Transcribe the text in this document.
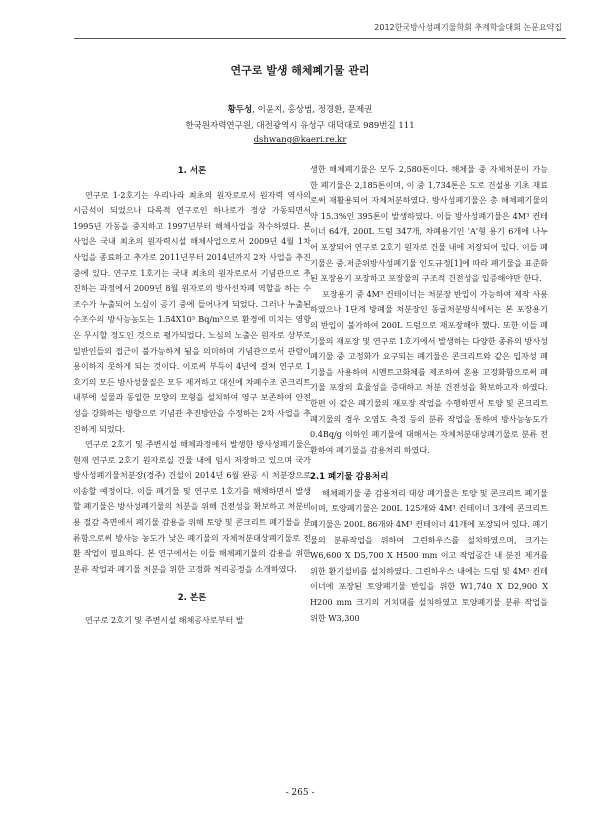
2012한국방사성폐기물학회 추계학술대회 논문요약집
연구로 발생 해체폐기물 관리
황두성, 이윤지, 홍상범, 정경환, 문제권
한국원자력연구원, 대전광역시 유성구 대덕대로 989번길 111
dshwang@kaeri.re.kr
1. 서론

연구로 1·2호기는 우리나라 최초의 원자로로서 원자력 역사의 시금석이 되었으나 다목적 연구로인 하나로가 정상 가동되면서 1995년 가동을 중지하고 1997년부터 해체사업을 착수하였다. 본 사업은 국내 최초의 원자력시설 해체사업으로서 2009년 4월 1차 사업을 종료하고 추가로 2011년부터 2014년까지 2차 사업을 추진 중에 있다. 연구로 1호기는 국내 최초의 원자로로서 기념관으로 추진하는 과정에서 2009년 8월 원자로의 방사선차폐 역할을 하는 수조수가 누출되어 노심이 공기 중에 들어나게 되었다. 그러나 누출된 수조수의 방사능농도는 1.54X10³ Bq/m³으로 환경에 미치는 영향은 무시할 정도인 것으로 평가되었다. 노심의 노출은 원자로 상부로 일반인들의 접근이 불가능하게 됨을 의미하며 기념관으로서 관람이 용이하지 못하게 되는 것이다. 이로써 부득이 4년에 걸쳐 연구로 1호기의 모든 방사성물질은 모두 제거하고 대신에 차폐수조 콘크리트 내부에 실물과 동일한 모양의 모형을 설치하여 영구 보존하여 안전성을 강화하는 방향으로 기념관 추진방안을 수정하는 2차 사업을 추진하게 되었다.

연구로 2호기 및 주변시설 해체과정에서 발생한 방사성폐기물은 현재 연구로 2호기 원자로실 건물 내에 임시 저장하고 있으며 국가 방사성폐기물처분장(경주) 건설이 2014년 6월 완공 시 처분장으로 이송할 예정이다. 이들 폐기물 및 연구로 1호기를 해체하면서 발생할 폐기물은 방사성폐기물의 처분을 위해 건전성을 확보하고 처분비용 절감 측면에서 폐기물 감용을 위해 토양 및 콘크리트 폐기물을 분류함으로써 방사능 농도가 낮은 폐기물의 자체처분대상폐기물로 전환 작업이 필요하다. 본 연구에서는 이들 해체폐기물의 감용을 위한 분류 작업과 폐기물 처분을 위한 고정화 처리공정을 소개하였다.

2. 본론

연구로 2호기 및 주변시설 해체공사로부터 발

생한 해체폐기물은 모두 2,580톤이다. 해체물 중 자체처분이 가능한 폐기물은 2,185톤이며, 이 중 1,734톤은 도로 건설용 기초 재료로써 재활용되어 자체처분하였다. 방사성폐기물은 총 해체폐기물의 약 15.3%인 395톤이 발생하였다. 이들 방사성폐기물은 4M³ 컨테이너 64개, 200L 드럼 347개, 차폐용기인 'A'형 용기 6개에 나누어 포장되어 연구로 2호기 원자로 건물 내에 저장되어 있다. 이들 폐기물은 중.저준위방사성폐기물 인도규정[1]에 따라 폐기물을 표준화된 포장용기 포장하고 포장물의 구조적 건전성을 입증해야만 한다.

포장용기 중 4M³ 컨테이너는 처분장 반입이 가능하여 제작 사용하였으나 1단계 방폐물 처분장인 동굴처분방식에서는 본 포장용기의 반입이 불가하여 200L 드럼으로 재포장해야 했다. 또한 이들 폐기물의 재포장 및 연구로 1호기에서 발생하는 다양한 종류의 방사성폐기물 중 고정화가 요구되는 폐기물은 콘크리트와 같은 입자성 폐기물을 사용하여 시멘트고화체를 제조하여 혼용 고정화함으로써 폐기물 포장의 효율성을 증대하고 처분 건전성을 확보하고자 하였다. 한편 이 같은 폐기물의 재포장 작업을 수행하면서 토양 및 콘크리트 폐기물의 경우 오염도 측정 등의 분류 작업을 통하여 방사능농도가 0.4Bq/g 이하인 폐기물에 대해서는 자체처분대상폐기물로 분류 전환하여 폐기물을 감용처리 하였다.

2.1 폐기물 감용처리

해체폐기물 중 감용처리 대상 폐기물은 토양 및 콘크리트 폐기물이며, 토양폐기물은 200L 125개와 4M³ 컨테이너 3개에 콘크리트 폐기물은 200L 86개와 4M³ 컨테이너 41개에 포장되어 있다. 폐기물의 분류작업을 위하여 그린하우스를 설치하였으며, 크기는 W6,600 X D5,700 X H500 mm 이고 작업공간 내 분진 제거를 위한 환기설비를 설치하였다. 그린하우스 내에는 드럼 및 4M³ 컨테이너에 포장된 토양폐기물 반입을 위한 W1,740 X D2,900 X H200 mm 크기의 거치대를 설치하였고 토양폐기물 분류 작업을 위한 W3,300

- 265 -
